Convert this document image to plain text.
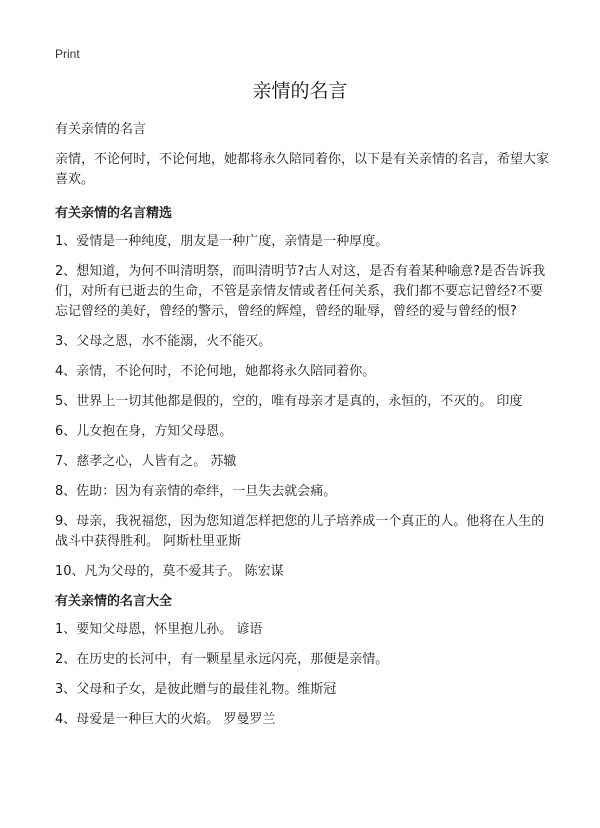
Print
亲情的名言

有关亲情的名言

亲情，不论何时，不论何地，她都将永久陪同着你，以下是有关亲情的名言，希望大家喜欢。

有关亲情的名言精选

1、爱情是一种纯度，朋友是一种广度，亲情是一种厚度。

2、想知道，为何不叫清明祭，而叫清明节?古人对这，是否有着某种喻意?是否告诉我们，对所有已逝去的生命，不管是亲情友情或者任何关系，我们都不要忘记曾经?不要忘记曾经的美好，曾经的警示，曾经的辉煌，曾经的耻辱，曾经的爱与曾经的恨?

3、父母之恩，水不能溺，火不能灭。

4、亲情，不论何时，不论何地，她都将永久陪同着你。

5、世界上一切其他都是假的，空的，唯有母亲才是真的，永恒的，不灭的。 印度

6、儿女抱在身，方知父母恩。

7、慈孝之心，人皆有之。 苏辙

8、佐助：因为有亲情的牵绊，一旦失去就会痛。

9、母亲，我祝福您，因为您知道怎样把您的儿子培养成一个真正的人。他将在人生的战斗中获得胜利。 阿斯杜里亚斯

10、凡为父母的，莫不爱其子。 陈宏谋

有关亲情的名言大全

1、要知父母恩，怀里抱儿孙。 谚语

2、在历史的长河中，有一颗星星永远闪亮，那便是亲情。

3、父母和子女，是彼此赠与的最佳礼物。维斯冠

4、母爱是一种巨大的火焰。 罗曼罗兰
